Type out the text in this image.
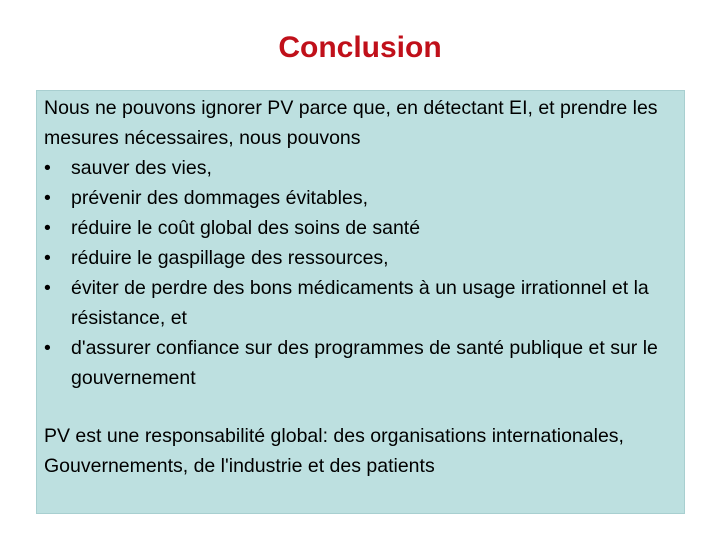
Conclusion

Nous ne pouvons ignorer PV parce que, en détectant EI, et prendre les mesures nécessaires, nous pouvons

•	sauver des vies,
•	prévenir des dommages évitables,
•	réduire le coût global des soins de santé
•	réduire le gaspillage des ressources,
•	éviter de perdre des bons médicaments à un usage irrationnel et la résistance, et
•	d'assurer confiance sur des programmes de santé publique et sur le gouvernement

PV est une responsabilité global: des organisations internationales, Gouvernements, de l'industrie et des patients
